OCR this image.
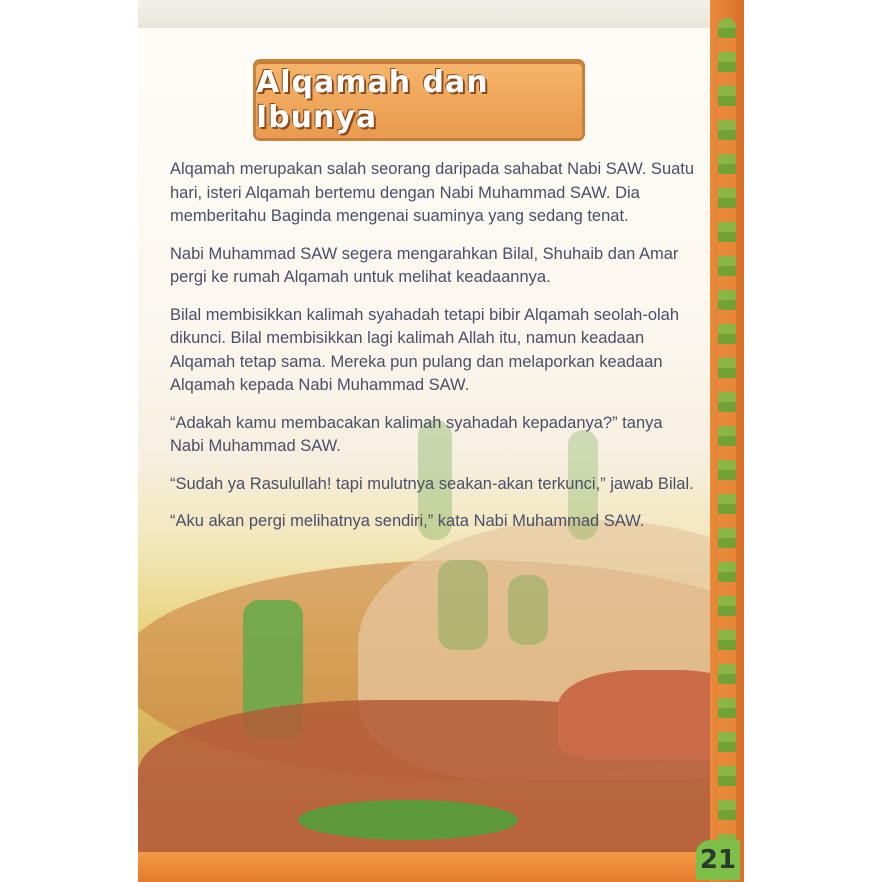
Alqamah dan Ibunya

Alqamah merupakan salah seorang daripada sahabat Nabi SAW. Suatu hari, isteri Alqamah bertemu dengan Nabi Muhammad SAW. Dia memberitahu Baginda mengenai suaminya yang sedang tenat.

Nabi Muhammad SAW segera mengarahkan Bilal, Shuhaib dan Amar pergi ke rumah Alqamah untuk melihat keadaannya.

Bilal membisikkan kalimah syahadah tetapi bibir Alqamah seolah-olah dikunci. Bilal membisikkan lagi kalimah Allah itu, namun keadaan Alqamah tetap sama. Mereka pun pulang dan melaporkan keadaan Alqamah kepada Nabi Muhammad SAW.

“Adakah kamu membacakan kalimah syahadah kepadanya?” tanya Nabi Muhammad SAW.

“Sudah ya Rasulullah! tapi mulutnya seakan-akan terkunci,” jawab Bilal.

“Aku akan pergi melihatnya sendiri,” kata Nabi Muhammad SAW.

21
